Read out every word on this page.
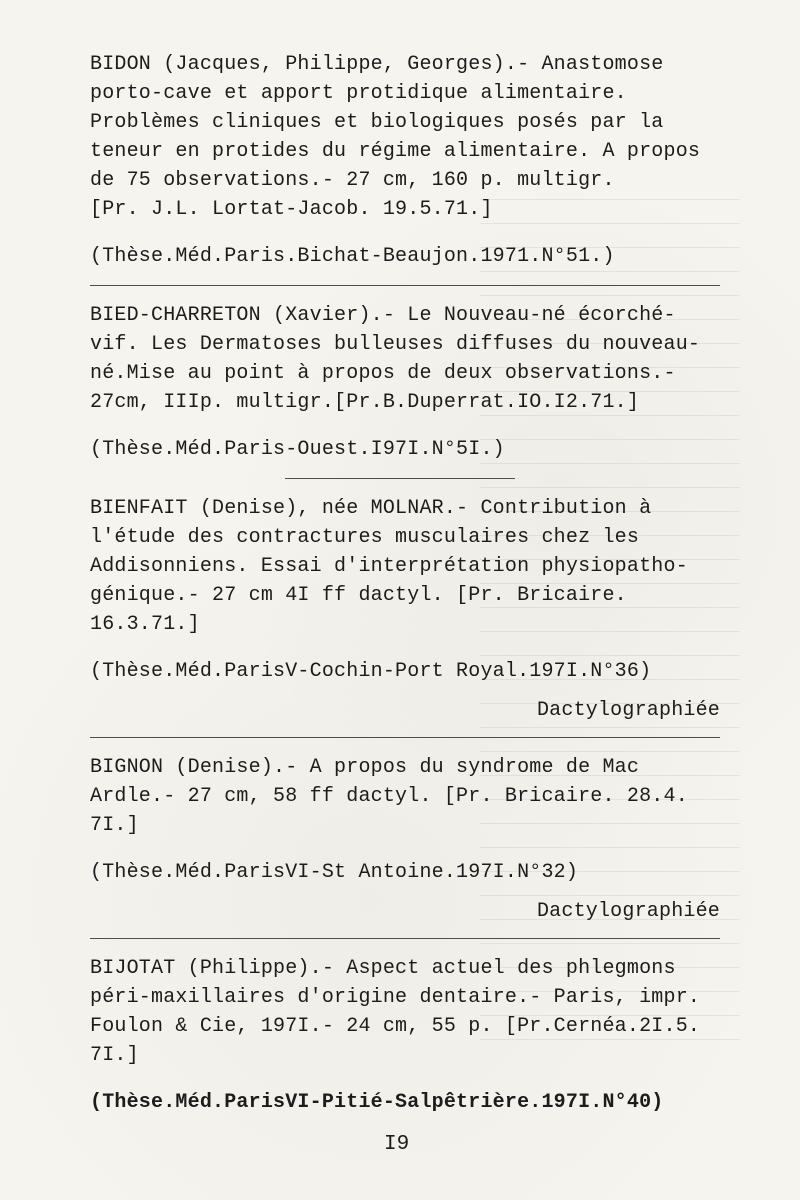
BIDON (Jacques, Philippe, Georges).- Anastomose
porto-cave et apport protidique alimentaire.
Problèmes cliniques et biologiques posés par la
teneur en protides du régime alimentaire. A propos
de 75 observations.- 27 cm, 160 p. multigr.
[Pr. J.L. Lortat-Jacob. 19.5.71.]
(Thèse.Méd.Paris.Bichat-Beaujon.1971.N°51.)
BIED-CHARRETON (Xavier).- Le Nouveau-né écorché-
vif. Les Dermatoses bulleuses diffuses du nouveau-
né.Mise au point à propos de deux observations.-
27cm, IIIp. multigr.[Pr.B.Duperrat.IO.I2.71.]
(Thèse.Méd.Paris-Ouest.I97I.N°5I.)
BIENFAIT (Denise), née MOLNAR.- Contribution à
l'étude des contractures musculaires chez les
Addisonniens. Essai d'interprétation physiopatho-
génique.- 27 cm 4I ff dactyl. [Pr. Bricaire.
16.3.71.]
(Thèse.Méd.ParisV-Cochin-Port Royal.197I.N°36)
Dactylographiée
BIGNON (Denise).- A propos du syndrome de Mac
Ardle.- 27 cm, 58 ff dactyl. [Pr. Bricaire. 28.4.
7I.]
(Thèse.Méd.ParisVI-St Antoine.197I.N°32)
Dactylographiée
BIJOTAT (Philippe).- Aspect actuel des phlegmons
péri-maxillaires d'origine dentaire.- Paris, impr.
Foulon & Cie, 197I.- 24 cm, 55 p. [Pr.Cernéa.2I.5.
7I.]
(Thèse.Méd.ParisVI-Pitié-Salpêtrière.197I.N°40)
I9
